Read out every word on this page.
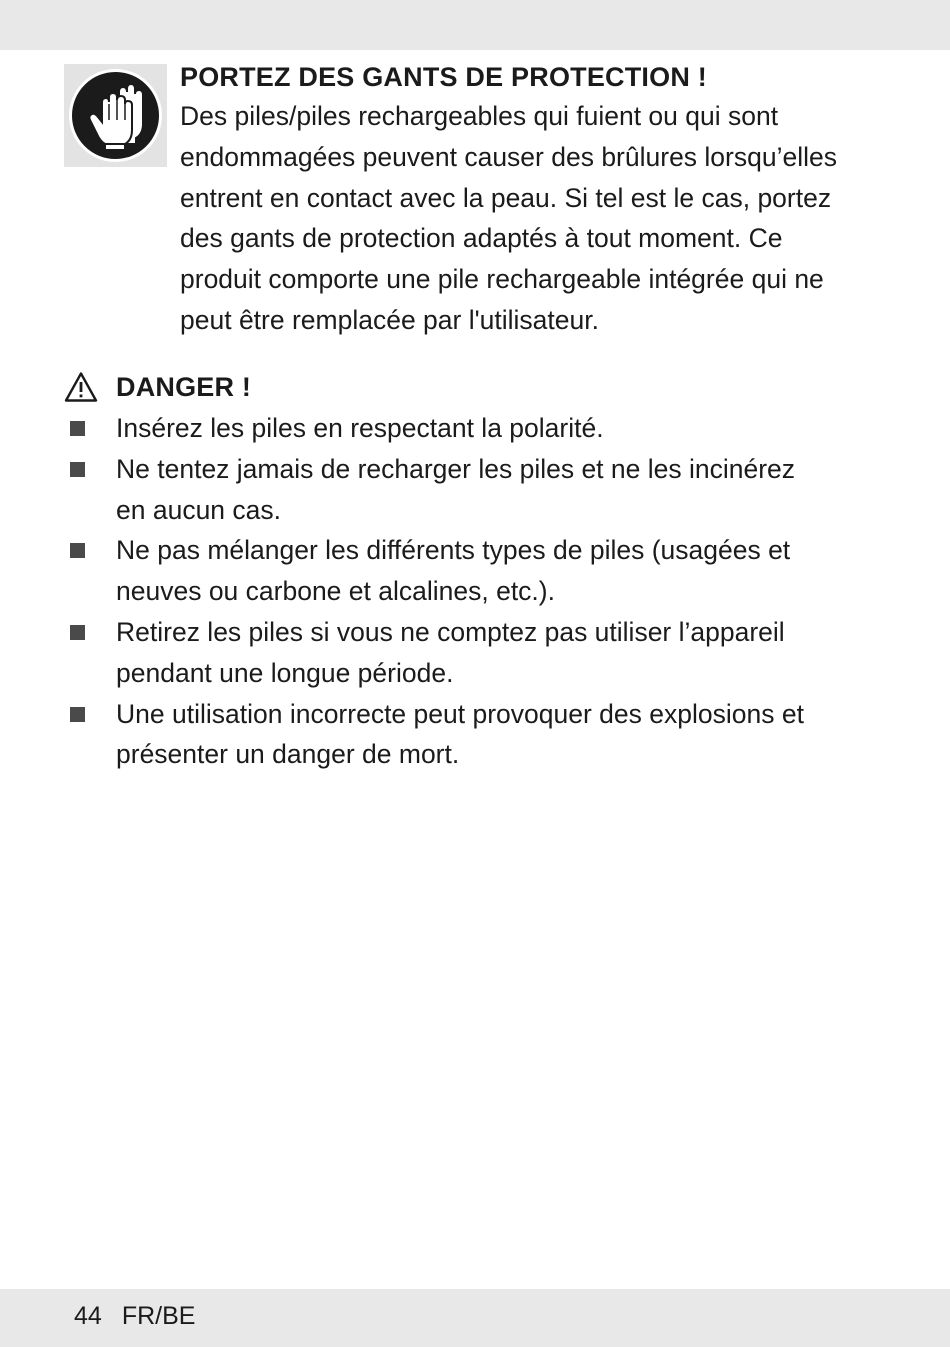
PORTEZ DES GANTS DE PROTECTION !

Des piles/piles rechargeables qui fuient ou qui sont

endommagées peuvent causer des brûlures lorsqu’elles

entrent en contact avec la peau. Si tel est le cas, portez

des gants de protection adaptés à tout moment. Ce

produit comporte une pile rechargeable intégrée qui ne

peut être remplacée par l'utilisateur.

DANGER !

Insérez les piles en respectant la polarité.

Ne tentez jamais de recharger les piles et ne les incinérez

en aucun cas.

Ne pas mélanger les différents types de piles (usagées et

neuves ou carbone et alcalines, etc.).

Retirez les piles si vous ne comptez pas utiliser l’appareil

pendant une longue période.

Une utilisation incorrecte peut provoquer des explosions et

présenter un danger de mort.

44 FR/BE
